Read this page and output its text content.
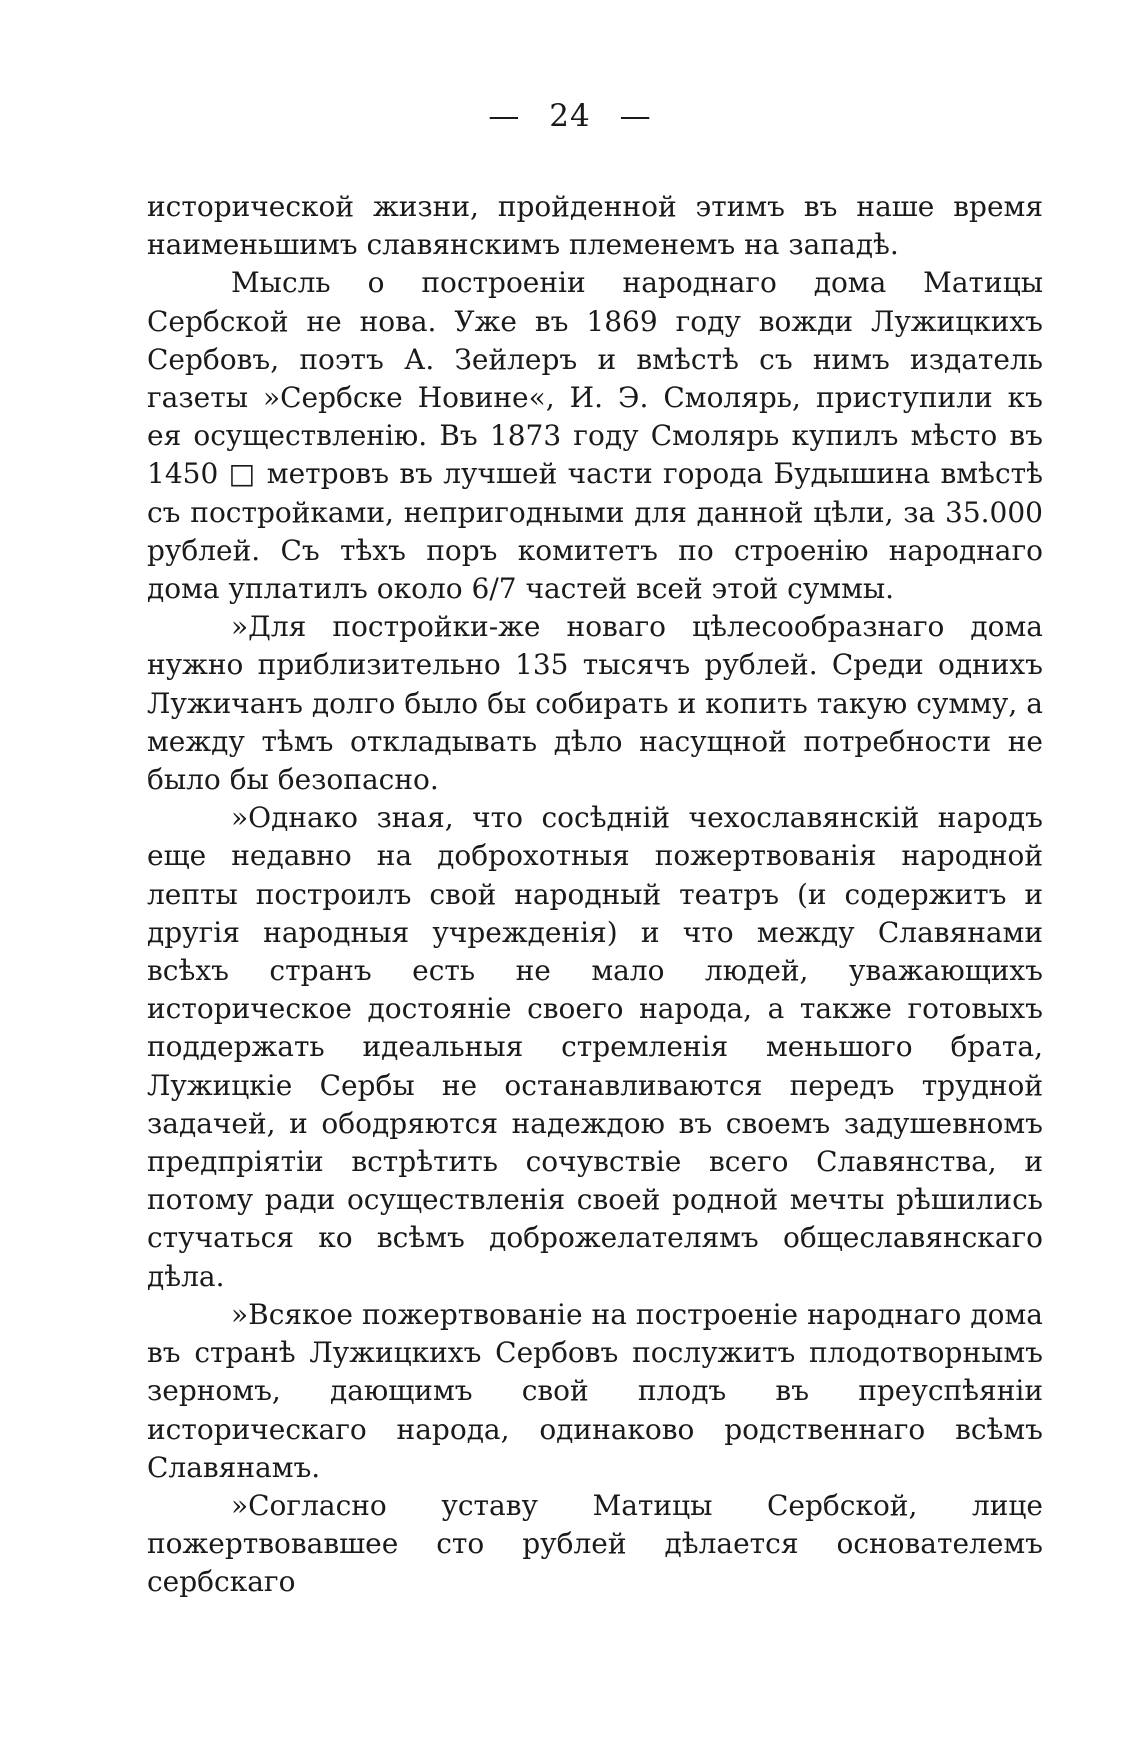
— 24 —

исторической жизни, пройденной этимъ въ наше время наименьшимъ славянскимъ племенемъ на западѣ.

Мысль о построеніи народнаго дома Матицы Сербской не нова. Уже въ 1869 году вожди Лужицкихъ Сербовъ, поэтъ А. Зейлеръ и вмѣстѣ съ нимъ издатель газеты »Сербске Новине«, И. Э. Смолярь, приступили къ ея осуществленію. Въ 1873 году Смолярь купилъ мѣсто въ 1450 □ метровъ въ лучшей части города Будышина вмѣстѣ съ постройками, непригодными для данной цѣли, за 35.000 рублей. Съ тѣхъ поръ комитетъ по строенію народнаго дома уплатилъ около 6/7 частей всей этой суммы.

»Для постройки-же новаго цѣлесообразнаго дома нужно приблизительно 135 тысячъ рублей. Среди однихъ Лужичанъ долго было бы собирать и копить такую сумму, а между тѣмъ откладывать дѣло насущной потребности не было бы безопасно.

»Однако зная, что сосѣдній чехославянскій народъ еще недавно на доброхотныя пожертвованія народной лепты построилъ свой народный театръ (и содержитъ и другія народныя учрежденія) и что между Славянами всѣхъ странъ есть не мало людей, уважающихъ историческое достояніе своего народа, а также готовыхъ поддержать идеальныя стремленія меньшого брата, Лужицкіе Сербы не останавливаются передъ трудной задачей, и ободряются надеждою въ своемъ задушевномъ предпріятіи встрѣтить сочувствіе всего Славянства, и потому ради осуществленія своей родной мечты рѣшились стучаться ко всѣмъ доброжелателямъ общеславянскаго дѣла.

»Всякое пожертвованіе на построеніе народнаго дома въ странѣ Лужицкихъ Сербовъ послужитъ плодотворнымъ зерномъ, дающимъ свой плодъ въ преуспѣяніи историческаго народа, одинаково родственнаго всѣмъ Славянамъ.

»Согласно уставу Матицы Сербской, лице пожертвовавшее сто рублей дѣлается основателемъ сербскаго
